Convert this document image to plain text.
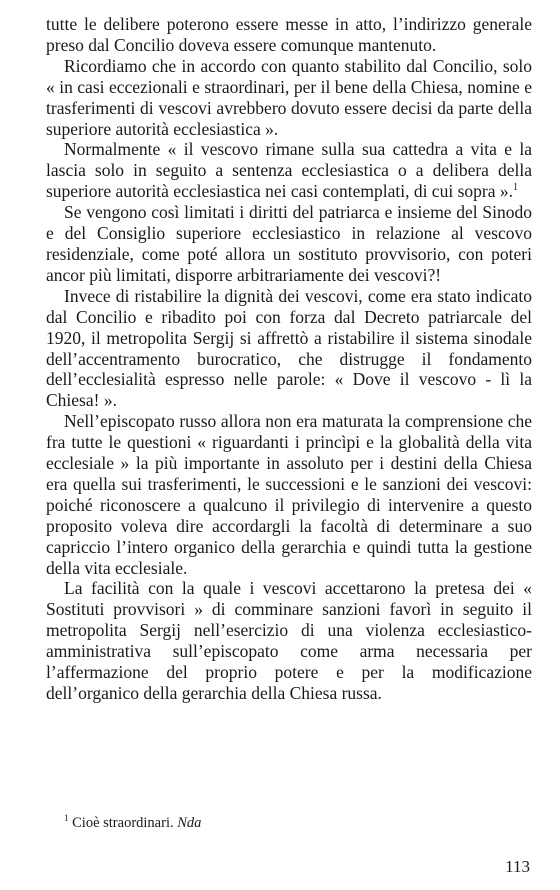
tutte le delibere poterono essere messe in atto, l’indirizzo generale preso dal Concilio doveva essere comunque mantenuto.

Ricordiamo che in accordo con quanto stabilito dal Concilio, solo « in casi eccezionali e straordinari, per il bene della Chiesa, nomine e trasferimenti di vescovi avrebbero dovuto essere decisi da parte della superiore autorità ecclesiastica ».

Normalmente « il vescovo rimane sulla sua cattedra a vita e la lascia solo in seguito a sentenza ecclesiastica o a delibera della superiore autorità ecclesiastica nei casi contemplati, di cui sopra ».$^1$

Se vengono così limitati i diritti del patriarca e insieme del Sinodo e del Consiglio superiore ecclesiastico in relazione al vescovo residenziale, come poté allora un sostituto provvisorio, con poteri ancor più limitati, disporre arbitrariamente dei vescovi?!

Invece di ristabilire la dignità dei vescovi, come era stato indicato dal Concilio e ribadito poi con forza dal Decreto patriarcale del 1920, il metropolita Sergij si affrettò a ristabilire il sistema sinodale dell’accentramento burocratico, che distrugge il fondamento dell’ecclesialità espresso nelle parole: « Dove il vescovo - lì la Chiesa! ».

Nell’episcopato russo allora non era maturata la comprensione che fra tutte le questioni « riguardanti i princìpi e la globalità della vita ecclesiale » la più importante in assoluto per i destini della Chiesa era quella sui trasferimenti, le successioni e le sanzioni dei vescovi: poiché riconoscere a qualcuno il privilegio di intervenire a questo proposito voleva dire accordargli la facoltà di determinare a suo capriccio l’intero organico della gerarchia e quindi tutta la gestione della vita ecclesiale.

La facilità con la quale i vescovi accettarono la pretesa dei « Sostituti provvisori » di comminare sanzioni favorì in seguito il metropolita Sergij nell’esercizio di una violenza ecclesiastico-amministrativa sull’episcopato come arma necessaria per l’affermazione del proprio potere e per la modificazione dell’organico della gerarchia della Chiesa russa.

$^1$ Cioè straordinari. Nda
113
